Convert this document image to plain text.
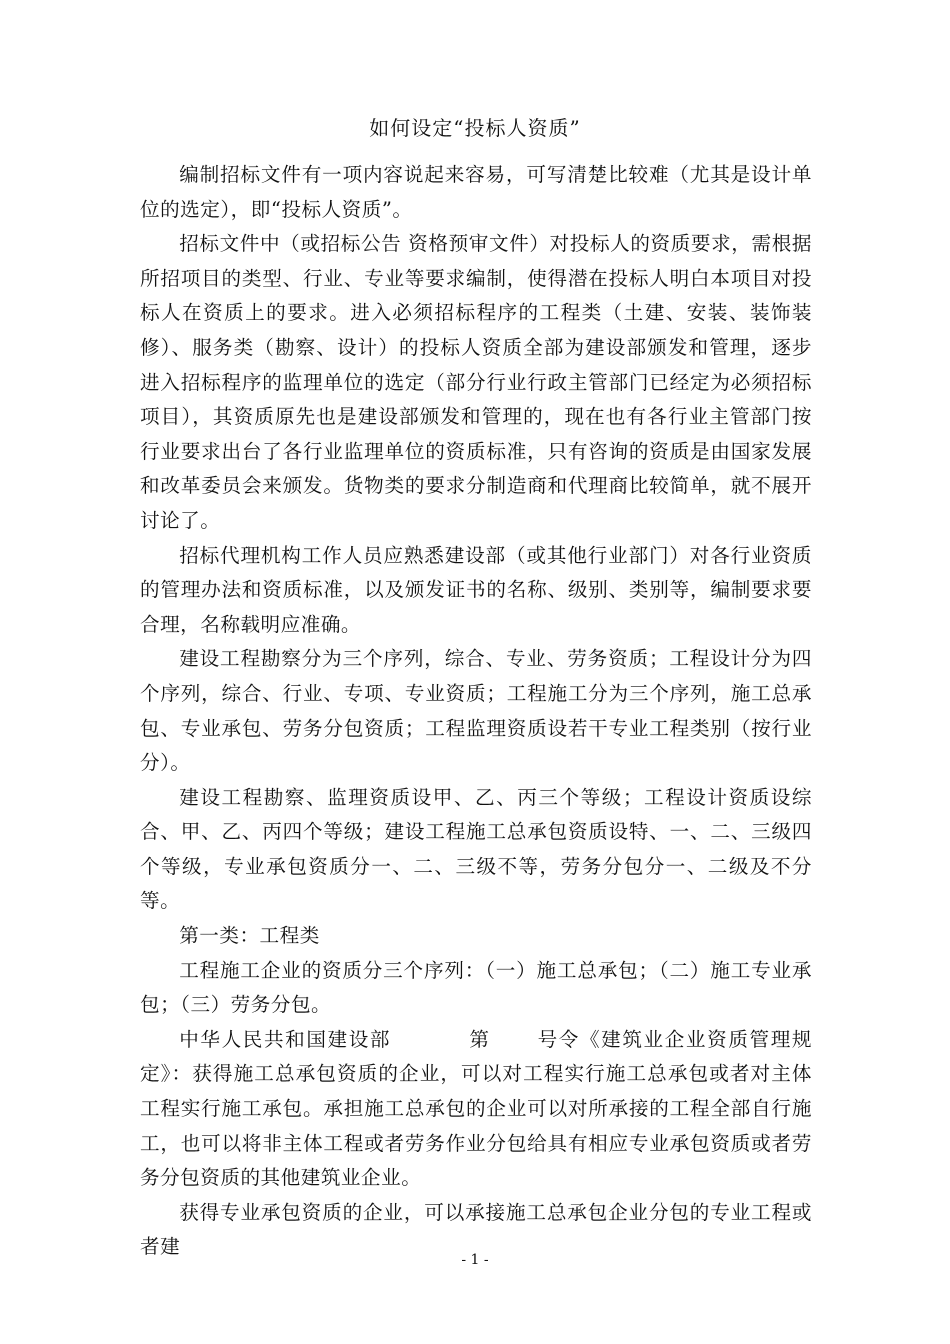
如何设定“投标人资质”

编制招标文件有一项内容说起来容易，可写清楚比较难（尤其是设计单位的选定），即“投标人资质”。

招标文件中（或招标公告 资格预审文件）对投标人的资质要求，需根据所招项目的类型、行业、专业等要求编制，使得潜在投标人明白本项目对投标人在资质上的要求。进入必须招标程序的工程类（土建、安装、装饰装修）、服务类（勘察、设计）的投标人资质全部为建设部颁发和管理，逐步进入招标程序的监理单位的选定（部分行业行政主管部门已经定为必须招标项目），其资质原先也是建设部颁发和管理的，现在也有各行业主管部门按行业要求出台了各行业监理单位的资质标准，只有咨询的资质是由国家发展和改革委员会来颁发。货物类的要求分制造商和代理商比较简单，就不展开讨论了。

招标代理机构工作人员应熟悉建设部（或其他行业部门）对各行业资质的管理办法和资质标准，以及颁发证书的名称、级别、类别等，编制要求要合理，名称载明应准确。

建设工程勘察分为三个序列，综合、专业、劳务资质；工程设计分为四个序列，综合、行业、专项、专业资质；工程施工分为三个序列，施工总承包、专业承包、劳务分包资质；工程监理资质设若干专业工程类别（按行业分）。

建设工程勘察、监理资质设甲、乙、丙三个等级；工程设计资质设综合、甲、乙、丙四个等级；建设工程施工总承包资质设特、一、二、三级四个等级，专业承包资质分一、二、三级不等，劳务分包分一、二级及不分等。

第一类：工程类

工程施工企业的资质分三个序列：（一）施工总承包；（二）施工专业承包；（三）劳务分包。

中华人民共和国建设部          第      号令《建筑业企业资质管理规定》：获得施工总承包资质的企业，可以对工程实行施工总承包或者对主体工程实行施工承包。承担施工总承包的企业可以对所承接的工程全部自行施工，也可以将非主体工程或者劳务作业分包给具有相应专业承包资质或者劳务分包资质的其他建筑业企业。

获得专业承包资质的企业，可以承接施工总承包企业分包的专业工程或者建

- 1 -
